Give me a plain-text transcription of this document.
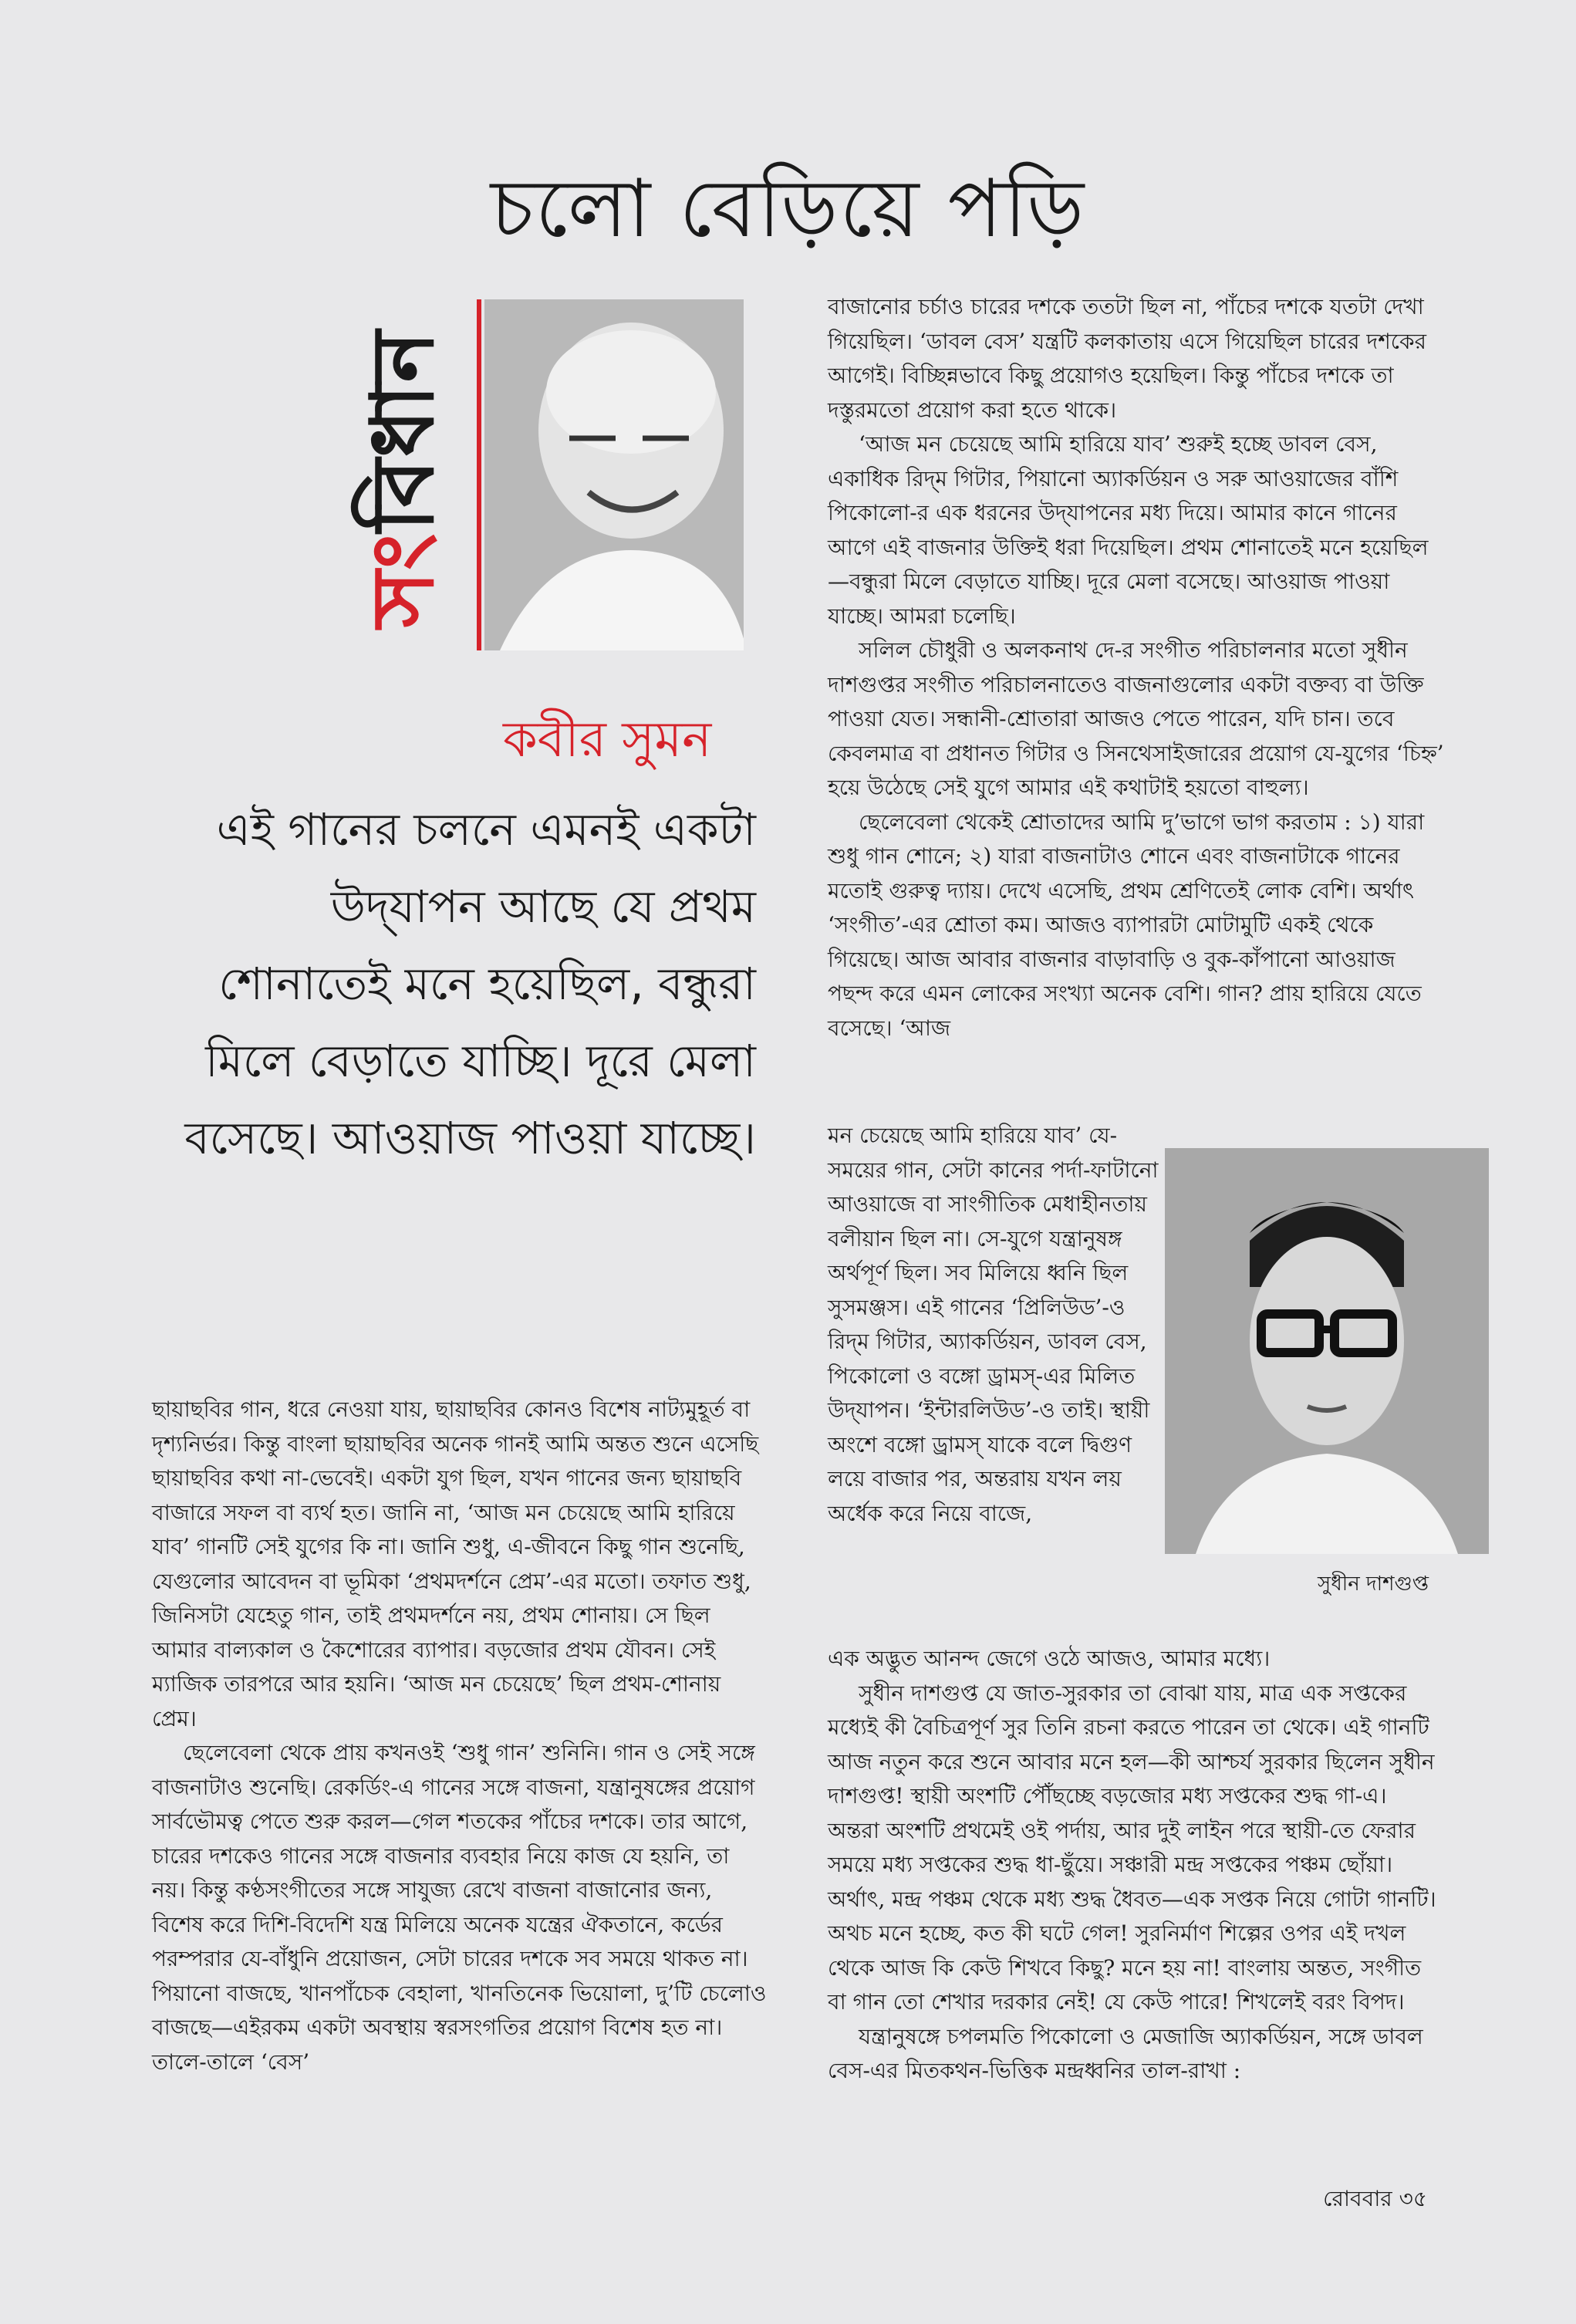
চলো বেড়িয়ে পড়ি
সংবিধান
কবীর সুমন
এই গানের চলনে এমনই একটা উদ্‌যাপন আছে যে প্রথম শোনাতেই মনে হয়েছিল, বন্ধুরা মিলে বেড়াতে যাচ্ছি। দূরে মেলা বসেছে। আওয়াজ পাওয়া যাচ্ছে।

ছায়াছবির গান, ধরে নেওয়া যায়, ছায়াছবির কোনও বিশেষ নাট্যমুহূর্ত বা দৃশ্যনির্ভর। কিন্তু বাংলা ছায়াছবির অনেক গানই আমি অন্তত শুনে এসেছি ছায়াছবির কথা না-ভেবেই। একটা যুগ ছিল, যখন গানের জন্য ছায়াছবি বাজারে সফল বা ব্যর্থ হত। জানি না, ‘আজ মন চেয়েছে আমি হারিয়ে যাব’ গানটি সেই যুগের কি না। জানি শুধু, এ-জীবনে কিছু গান শুনেছি, যেগুলোর আবেদন বা ভূমিকা ‘প্রথমদর্শনে প্রেম’-এর মতো। তফাত শুধু, জিনিসটা যেহেতু গান, তাই প্রথমদর্শনে নয়, প্রথম শোনায়। সে ছিল আমার বাল্যকাল ও কৈশোরের ব্যাপার। বড়জোর প্রথম যৌবন। সেই ম্যাজিক তারপরে আর হয়নি। ‘আজ মন চেয়েছে’ ছিল প্রথম-শোনায় প্রেম।

ছেলেবেলা থেকে প্রায় কখনওই ‘শুধু গান’ শুনিনি। গান ও সেই সঙ্গে বাজনাটাও শুনেছি। রেকর্ডিং-এ গানের সঙ্গে বাজনা, যন্ত্রানুষঙ্গের প্রয়োগ সার্বভৌমত্ব পেতে শুরু করল—গেল শতকের পাঁচের দশকে। তার আগে, চারের দশকেও গানের সঙ্গে বাজনার ব্যবহার নিয়ে কাজ যে হয়নি, তা নয়। কিন্তু কণ্ঠসংগীতের সঙ্গে সাযুজ্য রেখে বাজনা বাজানোর জন্য, বিশেষ করে দিশি-বিদেশি যন্ত্র মিলিয়ে অনেক যন্ত্রের ঐকতানে, কর্ডের পরম্পরার যে-বাঁধুনি প্রয়োজন, সেটা চারের দশকে সব সময়ে থাকত না। পিয়ানো বাজছে, খানপাঁচেক বেহালা, খানতিনেক ভিয়োলা, দু’টি চেলোও বাজছে—এইরকম একটা অবস্থায় স্বরসংগতির প্রয়োগ বিশেষ হত না। তালে-তালে ‘বেস’

বাজানোর চর্চাও চারের দশকে ততটা ছিল না, পাঁচের দশকে যতটা দেখা গিয়েছিল। ‘ডাবল বেস’ যন্ত্রটি কলকাতায় এসে গিয়েছিল চারের দশকের আগেই। বিচ্ছিন্নভাবে কিছু প্রয়োগও হয়েছিল। কিন্তু পাঁচের দশকে তা দস্তুরমতো প্রয়োগ করা হতে থাকে।

‘আজ মন চেয়েছে আমি হারিয়ে যাব’ শুরুই হচ্ছে ডাবল বেস, একাধিক রিদ্‌ম গিটার, পিয়ানো অ্যাকর্ডিয়ন ও সরু আওয়াজের বাঁশি পিকোলো-র এক ধরনের উদ্‌যাপনের মধ্য দিয়ে। আমার কানে গানের আগে এই বাজনার উক্তিই ধরা দিয়েছিল। প্রথম শোনাতেই মনে হয়েছিল—বন্ধুরা মিলে বেড়াতে যাচ্ছি। দূরে মেলা বসেছে। আওয়াজ পাওয়া যাচ্ছে। আমরা চলেছি।

সলিল চৌধুরী ও অলকনাথ দে-র সংগীত পরিচালনার মতো সুধীন দাশগুপ্তর সংগীত পরিচালনাতেও বাজনাগুলোর একটা বক্তব্য বা উক্তি পাওয়া যেত। সন্ধানী-শ্রোতারা আজও পেতে পারেন, যদি চান। তবে কেবলমাত্র বা প্রধানত গিটার ও সিনথেসাইজারের প্রয়োগ যে-যুগের ‘চিহ্ন’ হয়ে উঠেছে সেই যুগে আমার এই কথাটাই হয়তো বাহুল্য।

ছেলেবেলা থেকেই শ্রোতাদের আমি দু’ভাগে ভাগ করতাম : ১) যারা শুধু গান শোনে; ২) যারা বাজনাটাও শোনে এবং বাজনাটাকে গানের মতোই গুরুত্ব দ্যায়। দেখে এসেছি, প্রথম শ্রেণিতেই লোক বেশি। অর্থাৎ ‘সংগীত’-এর শ্রোতা কম। আজও ব্যাপারটা মোটামুটি একই থেকে গিয়েছে। আজ আবার বাজনার বাড়াবাড়ি ও বুক-কাঁপানো আওয়াজ পছন্দ করে এমন লোকের সংখ্যা অনেক বেশি। গান? প্রায় হারিয়ে যেতে বসেছে। ‘আজ

মন চেয়েছে আমি হারিয়ে যাব’ যে-সময়ের গান, সেটা কানের পর্দা-ফাটানো আওয়াজে বা সাংগীতিক মেধাহীনতায় বলীয়ান ছিল না। সে-যুগে যন্ত্রানুষঙ্গ অর্থপূর্ণ ছিল। সব মিলিয়ে ধ্বনি ছিল সুসমঞ্জস। এই গানের ‘প্রিলিউড’-ও রিদ্‌ম গিটার, অ্যাকর্ডিয়ন, ডাবল বেস, পিকোলো ও বঙ্গো ড্রামস্‌-এর মিলিত উদ্‌যাপন। ‘ইন্টারলিউড’-ও তাই। স্থায়ী অংশে বঙ্গো ড্রামস্‌ যাকে বলে দ্বিগুণ লয়ে বাজার পর, অন্তরায় যখন লয় অর্ধেক করে নিয়ে বাজে,

সুধীন দাশগুপ্ত

এক অদ্ভুত আনন্দ জেগে ওঠে আজও, আমার মধ্যে।

সুধীন দাশগুপ্ত যে জাত-সুরকার তা বোঝা যায়, মাত্র এক সপ্তকের মধ্যেই কী বৈচিত্রপূর্ণ সুর তিনি রচনা করতে পারেন তা থেকে। এই গানটি আজ নতুন করে শুনে আবার মনে হল—কী আশ্চর্য সুরকার ছিলেন সুধীন দাশগুপ্ত! স্থায়ী অংশটি পৌঁছচ্ছে বড়জোর মধ্য সপ্তকের শুদ্ধ গা-এ। অন্তরা অংশটি প্রথমেই ওই পর্দায়, আর দুই লাইন পরে স্থায়ী-তে ফেরার সময়ে মধ্য সপ্তকের শুদ্ধ ধা-ছুঁয়ে। সঞ্চারী মন্দ্র সপ্তকের পঞ্চম ছোঁয়া। অর্থাৎ, মন্দ্র পঞ্চম থেকে মধ্য শুদ্ধ ধৈবত—এক সপ্তক নিয়ে গোটা গানটি। অথচ মনে হচ্ছে, কত কী ঘটে গেল! সুরনির্মাণ শিল্পের ওপর এই দখল থেকে আজ কি কেউ শিখবে কিছু? মনে হয় না! বাংলায় অন্তত, সংগীত বা গান তো শেখার দরকার নেই! যে কেউ পারে! শিখলেই বরং বিপদ।

যন্ত্রানুষঙ্গে চপলমতি পিকোলো ও মেজাজি অ্যাকর্ডিয়ন, সঙ্গে ডাবল বেস-এর মিতকথন-ভিত্তিক মন্দ্রধ্বনির তাল-রাখা :

রোববার ৩৫
